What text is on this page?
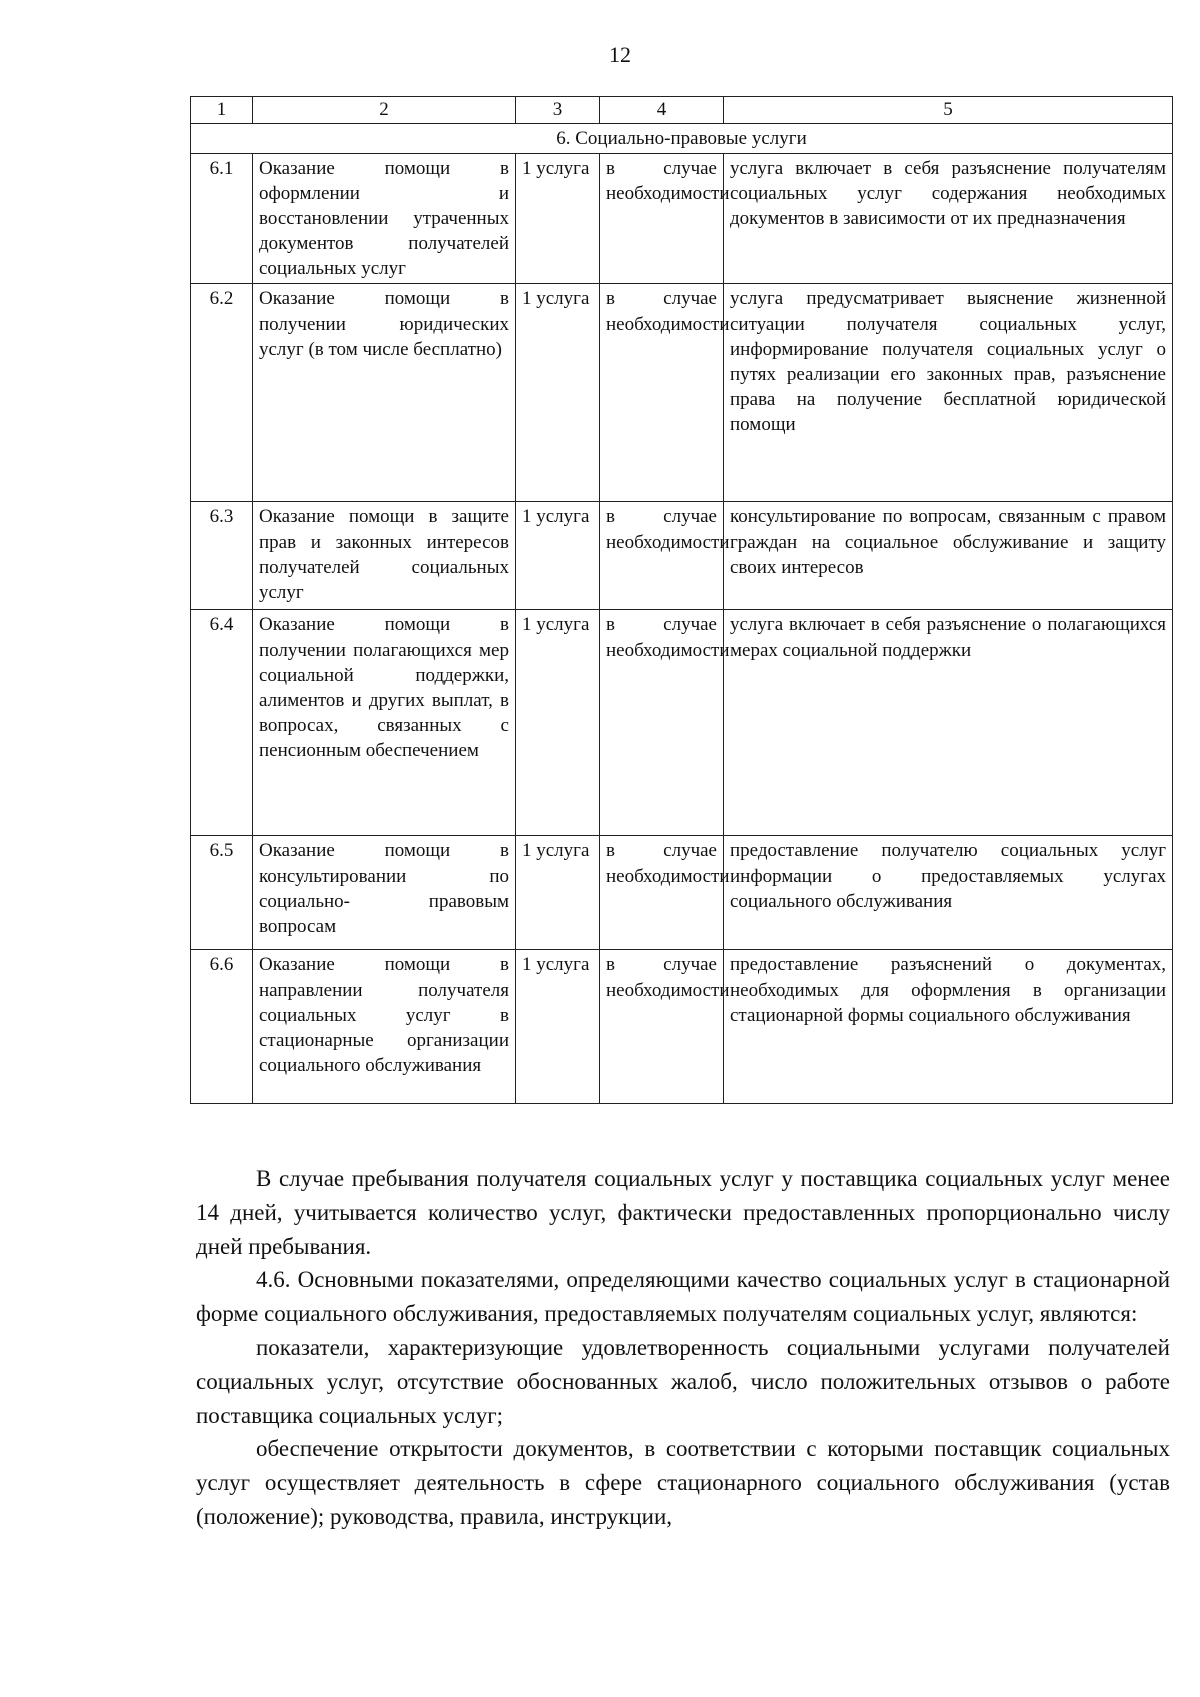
12
1	2	3	4	5
6. Социально-правовые услуги				
6.1	Оказание помощи в оформлении и восстановлении утраченных документов получателей социальных услуг	1 услуга	в случае необходимости	услуга включает в себя разъяснение получателям социальных услуг содержания необходимых документов в зависимости от их предназначения
6.2	Оказание помощи в получении юридических услуг (в том числе бесплатно)	1 услуга	в случае необходимости	услуга предусматривает выяснение жизненной ситуации получателя социальных услуг, информирование получателя социальных услуг о путях реализации его законных прав, разъяснение права на получение бесплатной юридической помощи
6.3	Оказание помощи в защите прав и законных интересов получателей социальных услуг	1 услуга	в случае необходимости	консультирование по вопросам, связанным с правом граждан на социальное обслуживание и защиту своих интересов
6.4	Оказание помощи в получении полагающихся мер социальной поддержки, алиментов и других выплат, в вопросах, связанных с пенсионным обеспечением	1 услуга	в случае необходимости	услуга включает в себя разъяснение о полагающихся мерах социальной поддержки
6.5	Оказание помощи в консультировании по социально- правовым вопросам	1 услуга	в случае необходимости	предоставление получателю социальных услуг информации о предоставляемых услугах социального обслуживания
6.6	Оказание помощи в направлении получателя социальных услуг в стационарные организации социального обслуживания	1 услуга	в случае необходимости	предоставление разъяснений о документах, необходимых для оформления в организации стационарной формы социального обслуживания

В случае пребывания получателя социальных услуг у поставщика социальных услуг менее 14 дней, учитывается количество услуг, фактически предоставленных пропорционально числу дней пребывания.

4.6. Основными показателями, определяющими качество социальных услуг в стационарной форме социального обслуживания, предоставляемых получателям социальных услуг, являются:

показатели, характеризующие удовлетворенность социальными услугами получателей социальных услуг, отсутствие обоснованных жалоб, число положительных отзывов о работе поставщика социальных услуг;

обеспечение открытости документов, в соответствии с которыми поставщик социальных услуг осуществляет деятельность в сфере стационарного социального обслуживания (устав (положение); руководства, правила, инструкции,
